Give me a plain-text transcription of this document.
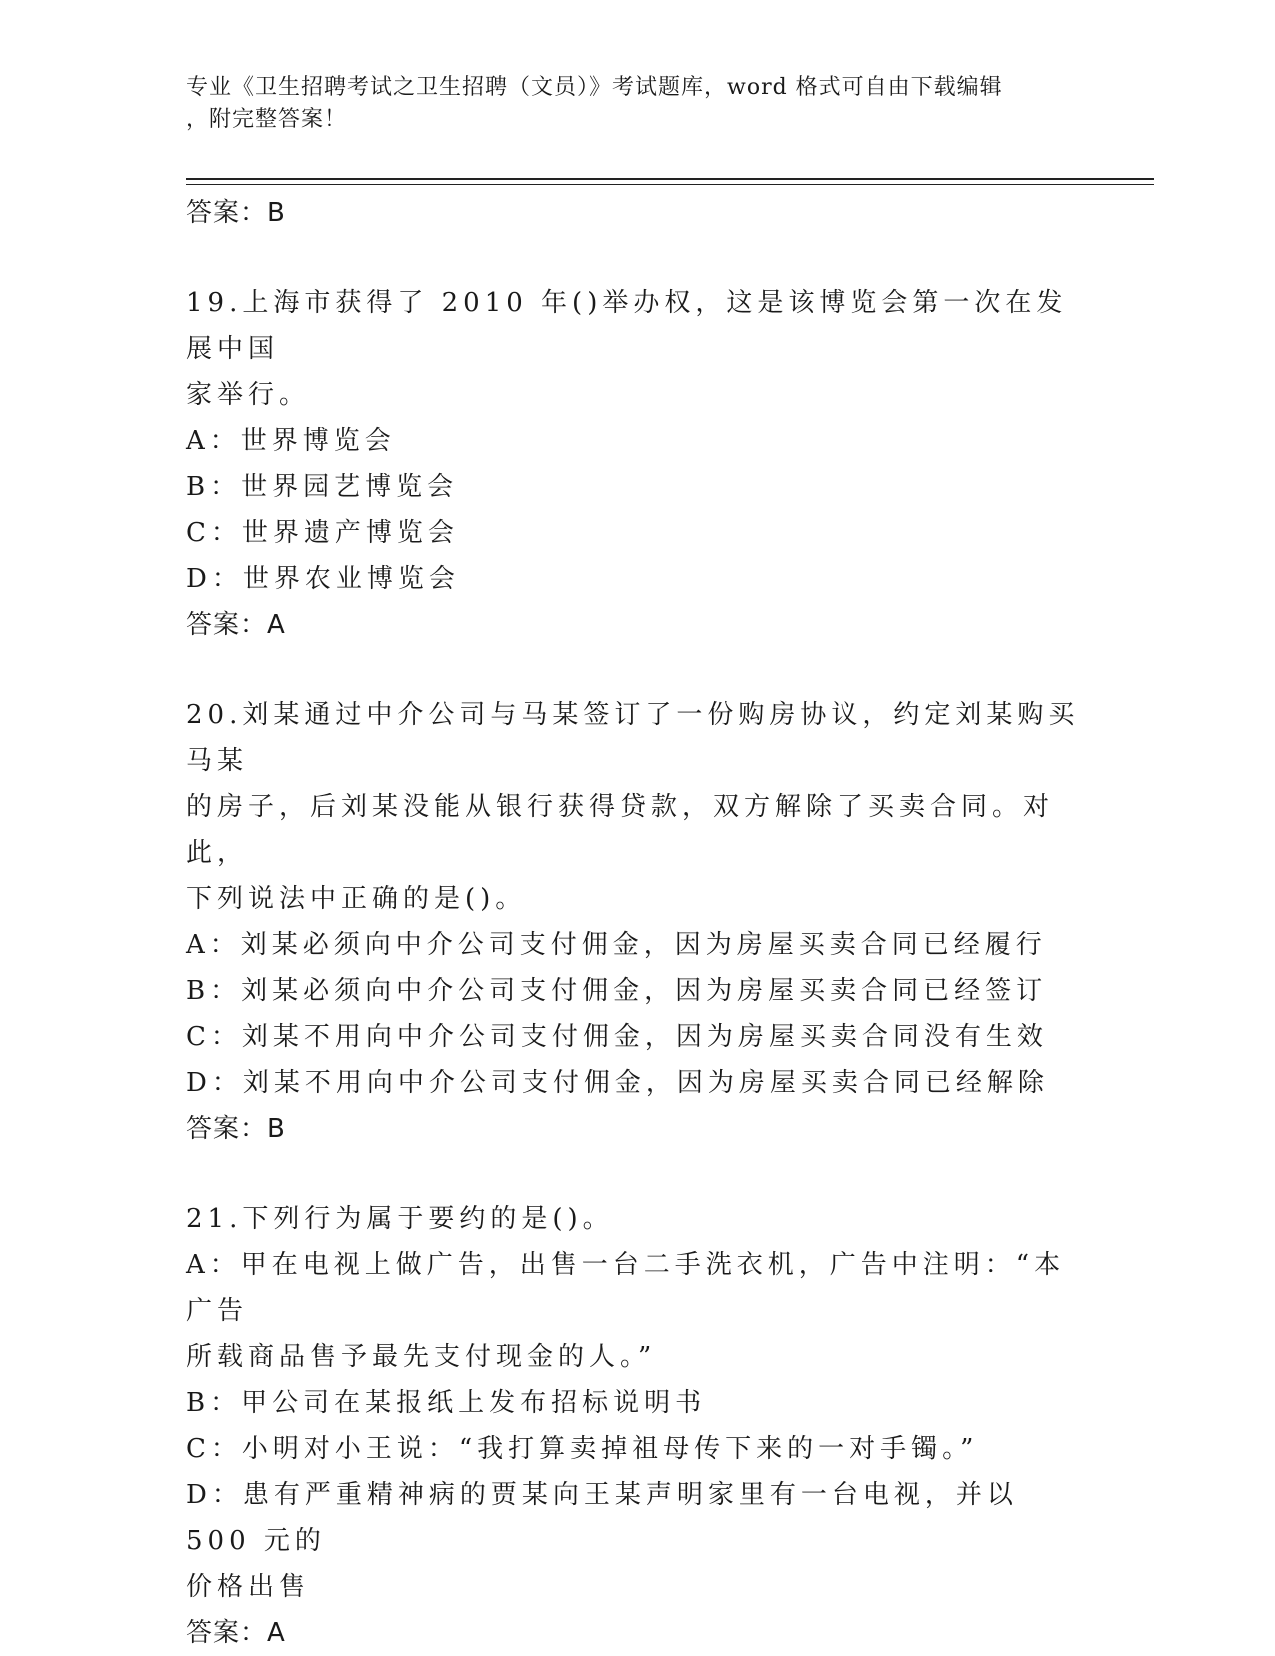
专业《卫生招聘考试之卫生招聘（文员）》考试题库，word 格式可自由下载编辑
，附完整答案！
答案：B
19.上海市获得了 2010 年()举办权，这是该博览会第一次在发展中国
家举行。
A：世界博览会
B：世界园艺博览会
C：世界遗产博览会
D：世界农业博览会
答案：A
20.刘某通过中介公司与马某签订了一份购房协议，约定刘某购买马某
的房子，后刘某没能从银行获得贷款，双方解除了买卖合同。对此，
下列说法中正确的是()。
A：刘某必须向中介公司支付佣金，因为房屋买卖合同已经履行
B：刘某必须向中介公司支付佣金，因为房屋买卖合同已经签订
C：刘某不用向中介公司支付佣金，因为房屋买卖合同没有生效
D：刘某不用向中介公司支付佣金，因为房屋买卖合同已经解除
答案：B
21.下列行为属于要约的是()。
A：甲在电视上做广告，出售一台二手洗衣机，广告中注明：“本广告
所载商品售予最先支付现金的人。”
B：甲公司在某报纸上发布招标说明书
C：小明对小王说：“我打算卖掉祖母传下来的一对手镯。”
D：患有严重精神病的贾某向王某声明家里有一台电视，并以 500 元的
价格出售
答案：A
